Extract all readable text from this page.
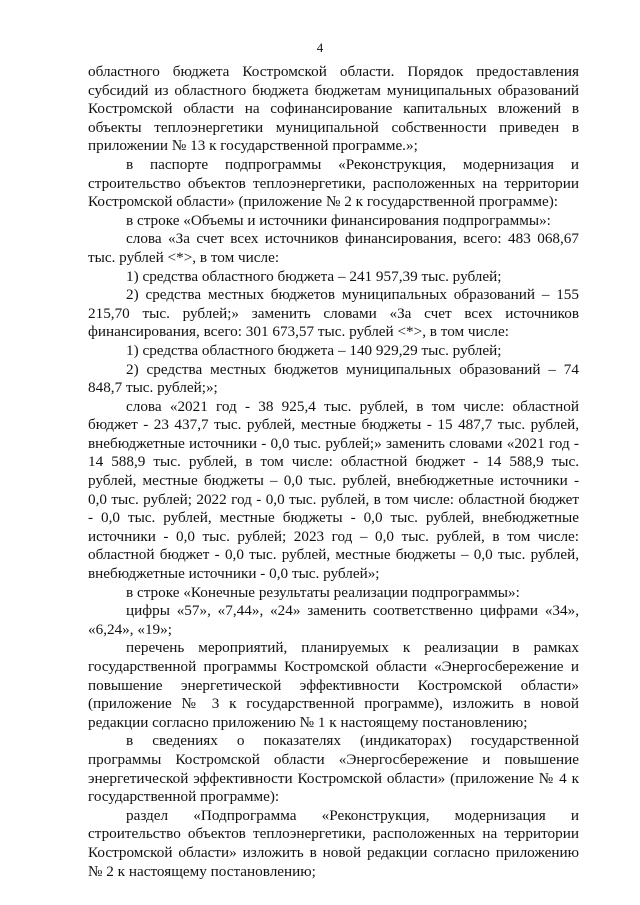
4

областного бюджета Костромской области. Порядок предоставления субсидий из областного бюджета бюджетам муниципальных образований Костромской области на софинансирование капитальных вложений в объекты теплоэнергетики муниципальной собственности приведен в приложении № 13 к государственной программе.»;

в паспорте подпрограммы «Реконструкция, модернизация и строительство объектов теплоэнергетики, расположенных на территории Костромской области» (приложение № 2 к государственной программе):

в строке «Объемы и источники финансирования подпрограммы»:

слова «За счет всех источников финансирования, всего: 483 068,67 тыс. рублей <*>, в том числе:

1) средства областного бюджета – 241 957,39 тыс. рублей;

2) средства местных бюджетов муниципальных образований – 155 215,70 тыс. рублей;» заменить словами «За счет всех источников финансирования, всего: 301 673,57 тыс. рублей <*>, в том числе:

1) средства областного бюджета – 140 929,29 тыс. рублей;

2) средства местных бюджетов муниципальных образований – 74 848,7 тыс. рублей;»;

слова «2021 год - 38 925,4 тыс. рублей, в том числе: областной бюджет - 23 437,7 тыс. рублей, местные бюджеты - 15 487,7 тыс. рублей, внебюджетные источники - 0,0 тыс. рублей;» заменить словами «2021 год - 14 588,9 тыс. рублей, в том числе: областной бюджет - 14 588,9 тыс. рублей, местные бюджеты – 0,0 тыс. рублей, внебюджетные источники - 0,0 тыс. рублей; 2022 год - 0,0 тыс. рублей, в том числе: областной бюджет - 0,0 тыс. рублей, местные бюджеты - 0,0 тыс. рублей, внебюджетные источники - 0,0 тыс. рублей; 2023 год – 0,0 тыс. рублей, в том числе: областной бюджет - 0,0 тыс. рублей, местные бюджеты – 0,0 тыс. рублей, внебюджетные источники - 0,0 тыс. рублей»;

в строке «Конечные результаты реализации подпрограммы»:

цифры «57», «7,44», «24» заменить соответственно цифрами «34», «6,24», «19»;

перечень мероприятий, планируемых к реализации в рамках государственной программы Костромской области «Энергосбережение и повышение энергетической эффективности Костромской области» (приложение № 3 к государственной программе), изложить в новой редакции согласно приложению № 1 к настоящему постановлению;

в сведениях о показателях (индикаторах) государственной программы Костромской области «Энергосбережение и повышение энергетической эффективности Костромской области» (приложение № 4 к государственной программе):

раздел «Подпрограмма «Реконструкция, модернизация и строительство объектов теплоэнергетики, расположенных на территории Костромской области» изложить в новой редакции согласно приложению № 2 к настоящему постановлению;
